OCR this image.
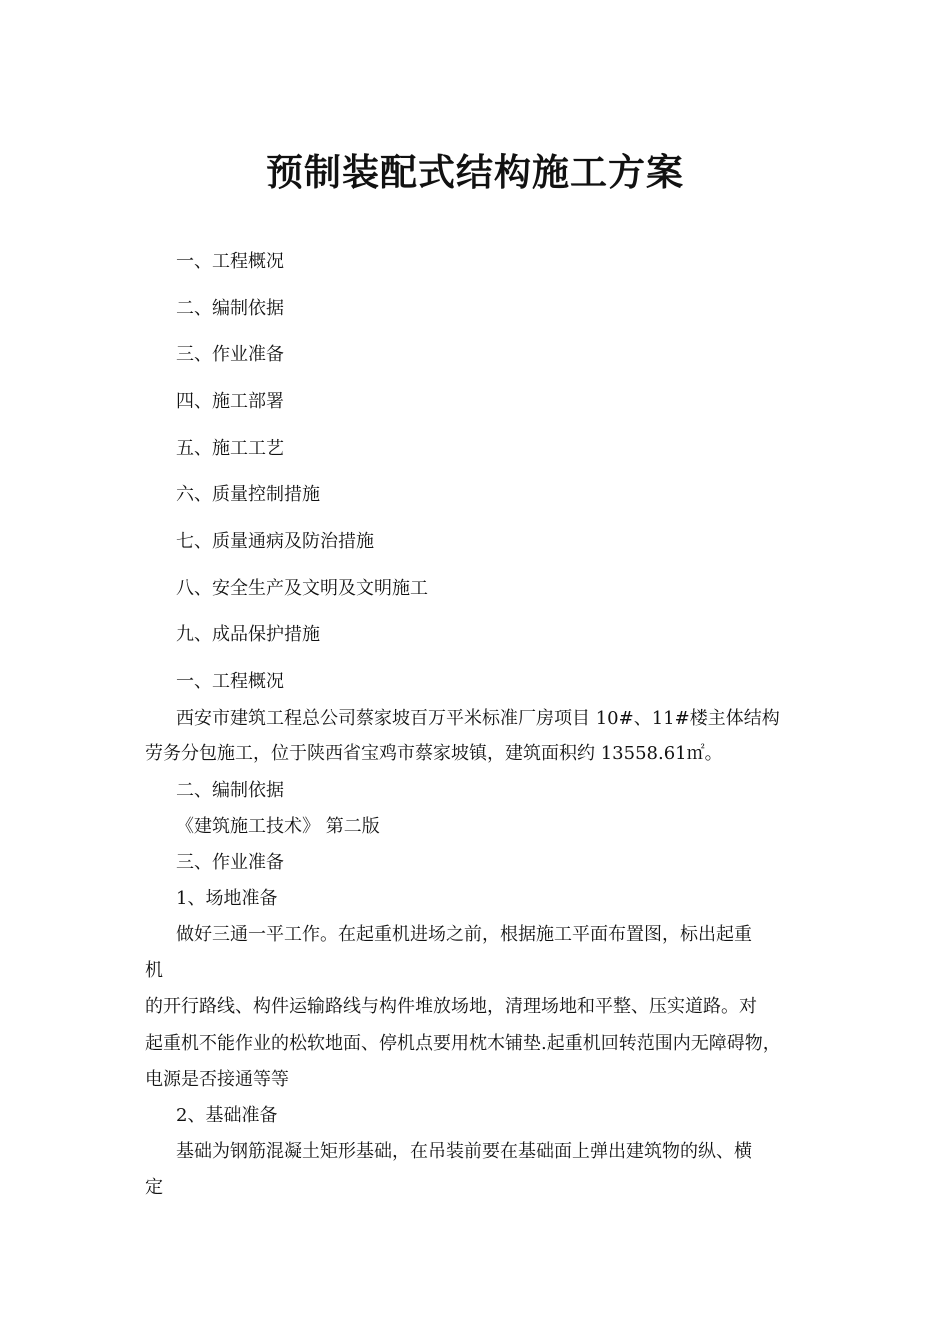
预制装配式结构施工方案
一、工程概况
二、编制依据
三、作业准备
四、施工部署
五、施工工艺
六、质量控制措施
七、质量通病及防治措施
八、安全生产及文明及文明施工
九、成品保护措施
一、工程概况
西安市建筑工程总公司蔡家坡百万平米标准厂房项目 10#、11#楼主体结构
劳务分包施工，位于陕西省宝鸡市蔡家坡镇，建筑面积约 13558.61㎡。
二、编制依据
《建筑施工技术》 第二版
三、作业准备
1、场地准备
做好三通一平工作。在起重机进场之前，根据施工平面布置图，标出起重
机
的开行路线、构件运输路线与构件堆放场地，清理场地和平整、压实道路。对
起重机不能作业的松软地面、停机点要用枕木铺垫.起重机回转范围内无障碍物，
电源是否接通等等
2、基础准备
基础为钢筋混凝土矩形基础，在吊装前要在基础面上弹出建筑物的纵、横
定
